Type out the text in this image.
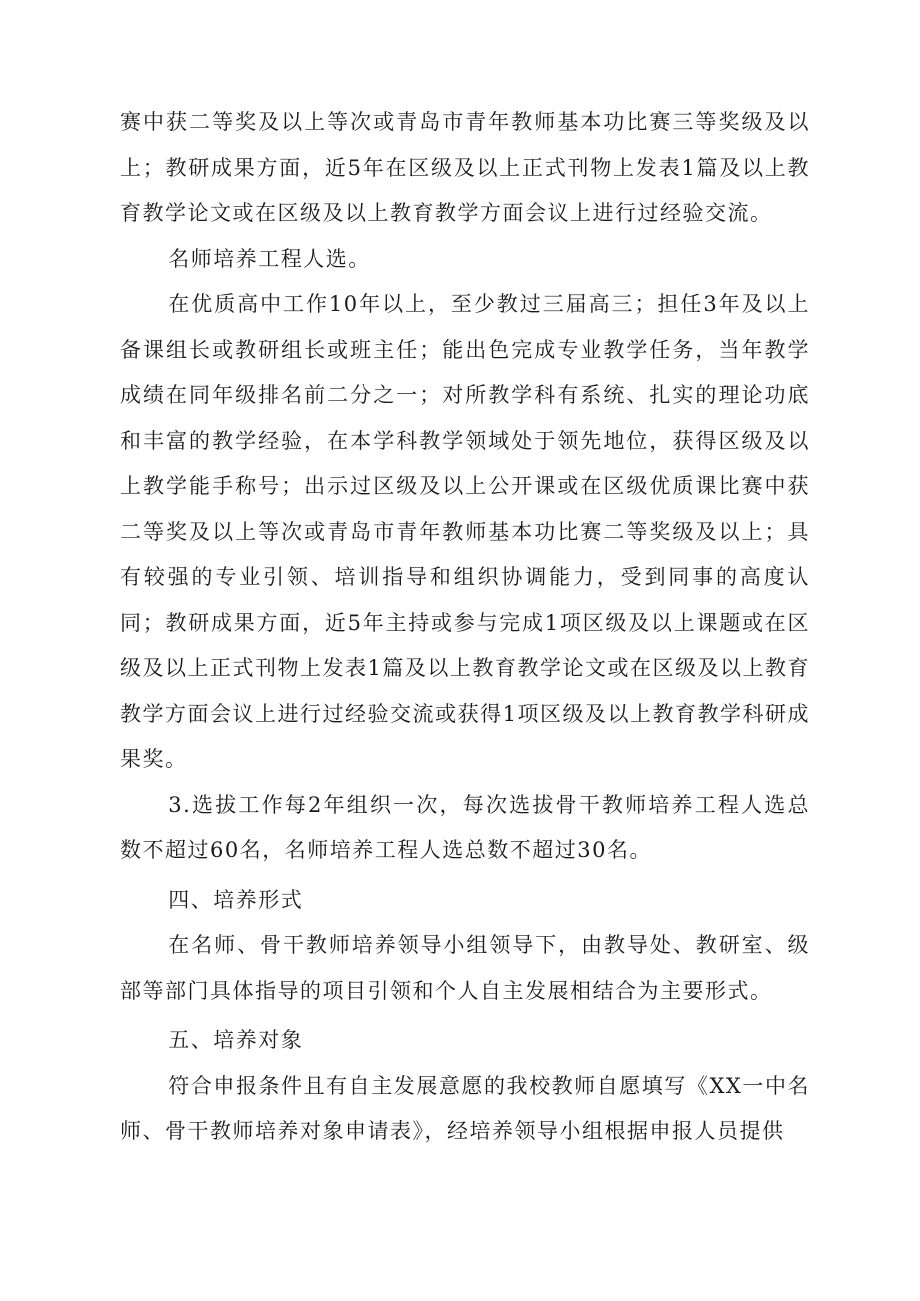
赛中获二等奖及以上等次或青岛市青年教师基本功比赛三等奖级及以上；教研成果方面，近5年在区级及以上正式刊物上发表1篇及以上教育教学论文或在区级及以上教育教学方面会议上进行过经验交流。

名师培养工程人选。

在优质高中工作10年以上，至少教过三届高三；担任3年及以上备课组长或教研组长或班主任；能出色完成专业教学任务，当年教学成绩在同年级排名前二分之一；对所教学科有系统、扎实的理论功底和丰富的教学经验，在本学科教学领域处于领先地位，获得区级及以上教学能手称号；出示过区级及以上公开课或在区级优质课比赛中获二等奖及以上等次或青岛市青年教师基本功比赛二等奖级及以上；具有较强的专业引领、培训指导和组织协调能力，受到同事的高度认同；教研成果方面，近5年主持或参与完成1项区级及以上课题或在区级及以上正式刊物上发表1篇及以上教育教学论文或在区级及以上教育教学方面会议上进行过经验交流或获得1项区级及以上教育教学科研成果奖。

3.选拔工作每2年组织一次，每次选拔骨干教师培养工程人选总数不超过60名，名师培养工程人选总数不超过30名。

四、培养形式

在名师、骨干教师培养领导小组领导下，由教导处、教研室、级部等部门具体指导的项目引领和个人自主发展相结合为主要形式。

五、培养对象

符合申报条件且有自主发展意愿的我校教师自愿填写《XX一中名师、骨干教师培养对象申请表》，经培养领导小组根据申报人员提供
